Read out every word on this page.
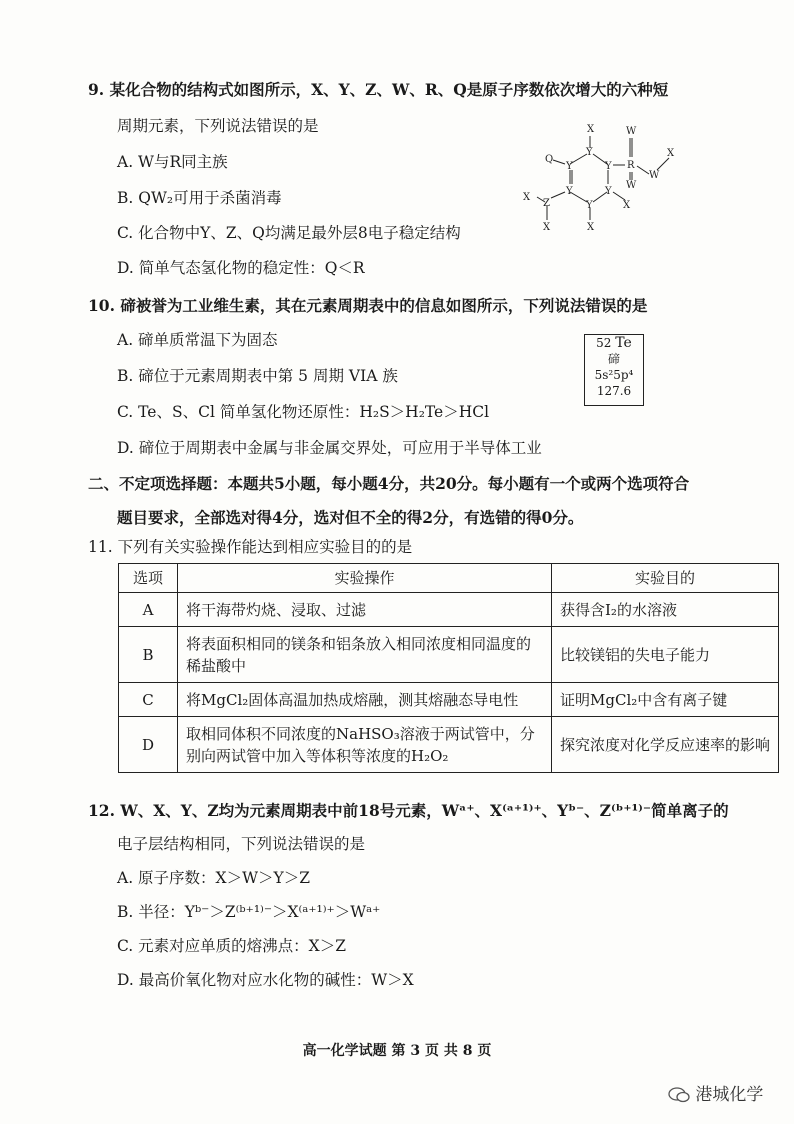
9. 某化合物的结构式如图所示，X、Y、Z、W、R、Q是原子序数依次增大的六种短
周期元素，下列说法错误的是
A. W与R同主族
B. QW₂可用于杀菌消毒
C. 化合物中Y、Z、Q均满足最外层8电子稳定结构
D. 简单气态氢化物的稳定性：Q＜R
Q
Y
X
Y
Y
W
R
W
W
X
Y	Y
Y	X
X
Z
X
X
10. 碲被誉为工业维生素，其在元素周期表中的信息如图所示，下列说法错误的是
A. 碲单质常温下为固态
B. 碲位于元素周期表中第 5 周期 VIA 族
C. Te、S、Cl 简单氢化物还原性：H₂S＞H₂Te＞HCl
D. 碲位于周期表中金属与非金属交界处，可应用于半导体工业
52 Te
碲
5s²5p⁴
127.6
二、不定项选择题：本题共5小题，每小题4分，共20分。每小题有一个或两个选项符合
题目要求，全部选对得4分，选对但不全的得2分，有选错的得0分。
11. 下列有关实验操作能达到相应实验目的的是
选项	实验操作	实验目的
A	将干海带灼烧、浸取、过滤	获得含I₂的水溶液
B	将表面积相同的镁条和铝条放入相同浓度相同温度的稀盐酸中	比较镁铝的失电子能力
C	将MgCl₂固体高温加热成熔融，测其熔融态导电性	证明MgCl₂中含有离子键
D	取相同体积不同浓度的NaHSO₃溶液于两试管中，分别向两试管中加入等体积等浓度的H₂O₂	探究浓度对化学反应速率的影响
12. W、X、Y、Z均为元素周期表中前18号元素，Wᵃ⁺、X⁽ᵃ⁺¹⁾⁺、Yᵇ⁻、Z⁽ᵇ⁺¹⁾⁻简单离子的
电子层结构相同，下列说法错误的是
A. 原子序数：X＞W＞Y＞Z
B. 半径：Yᵇ⁻＞Z⁽ᵇ⁺¹⁾⁻＞X⁽ᵃ⁺¹⁾⁺＞Wᵃ⁺
C. 元素对应单质的熔沸点：X＞Z
D. 最高价氧化物对应水化物的碱性：W＞X
高一化学试题 第 3 页 共 8 页
港城化学
